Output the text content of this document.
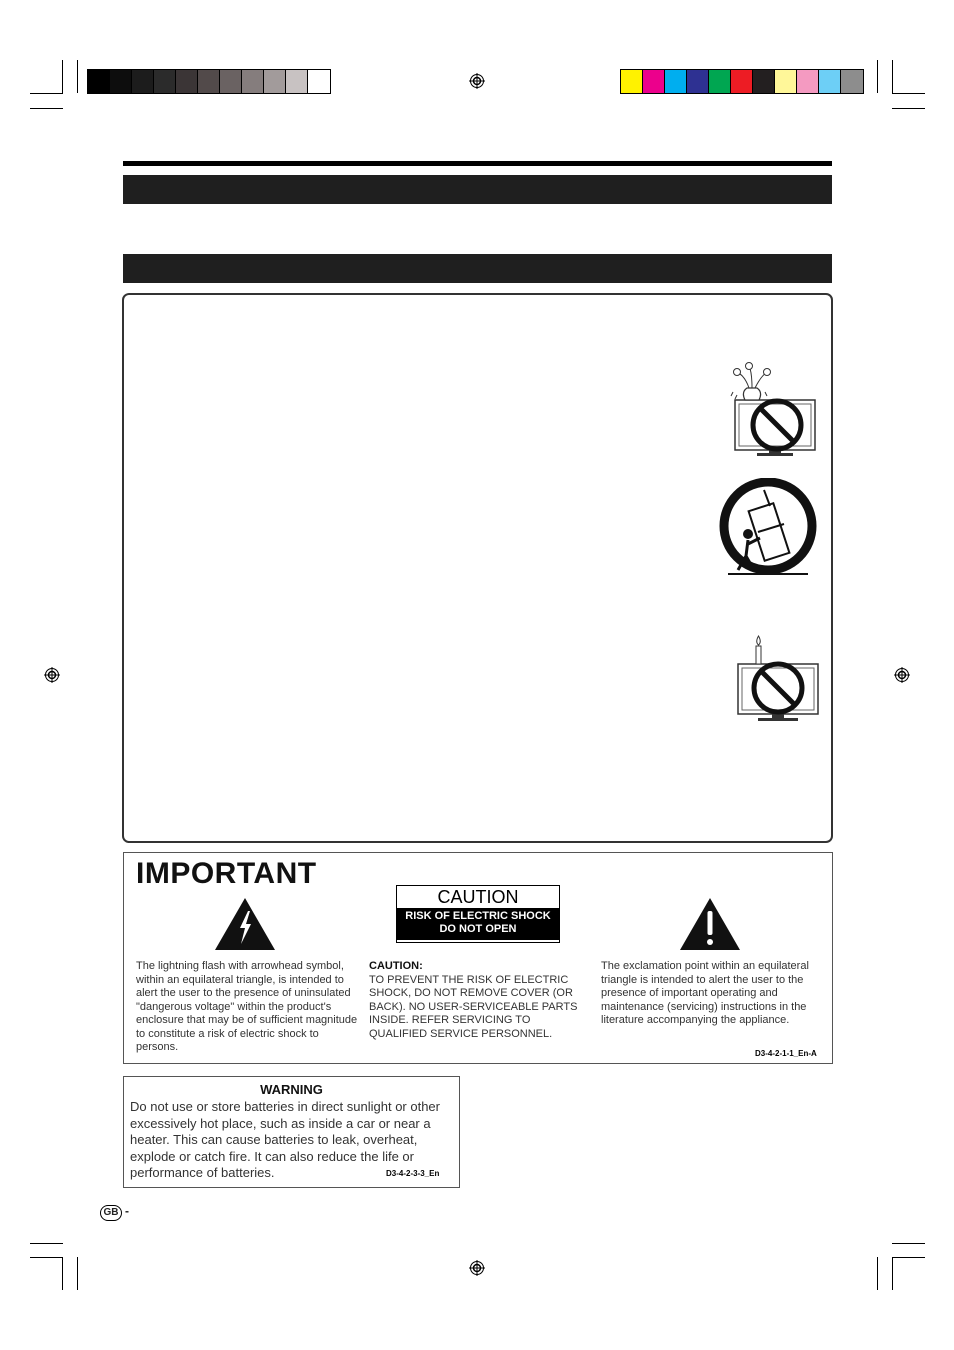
IMPORTANT
CAUTION
RISK OF ELECTRIC SHOCK
DO NOT OPEN
The lightning flash with arrowhead symbol, within an equilateral triangle, is intended to alert the user to the presence of uninsulated "dangerous voltage" within the product's enclosure that may be of sufficient magnitude to constitute a risk of electric shock to persons.
CAUTION:
TO PREVENT THE RISK OF ELECTRIC SHOCK, DO NOT REMOVE COVER (OR BACK). NO USER-SERVICEABLE PARTS INSIDE. REFER SERVICING TO QUALIFIED SERVICE PERSONNEL.
The exclamation point within an equilateral triangle is intended to alert the user to the presence of important operating and maintenance (servicing) instructions in the literature accompanying the appliance.
D3-4-2-1-1_En-A
WARNING
Do not use or store batteries in direct sunlight or other excessively hot place, such as inside a car or near a heater. This can cause batteries to leak, overheat, explode or catch fire. It can also reduce the life or performance of batteries.	D3-4-2-3-3_En
GB -
